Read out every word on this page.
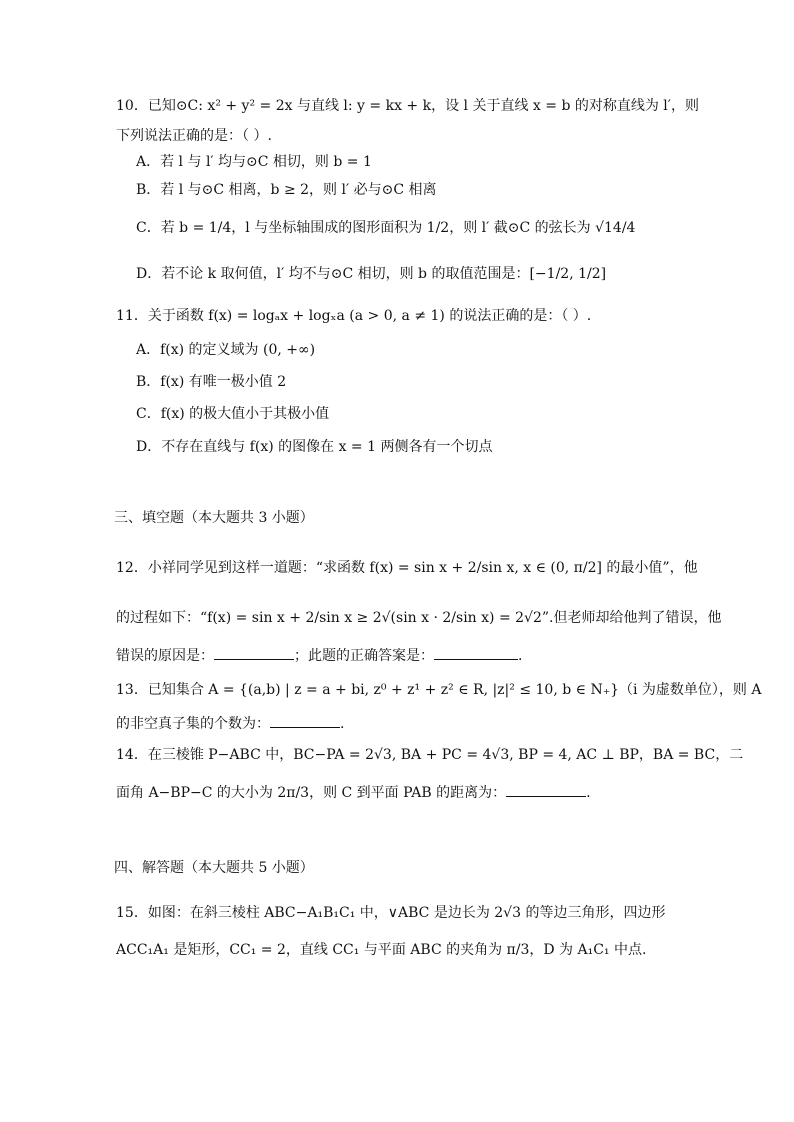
10．已知⊙C: x² + y² = 2x 与直线 l: y = kx + k，设 l 关于直线 x = b 的对称直线为 l′，则
下列说法正确的是：（ ）.
A．若 l 与 l′ 均与⊙C 相切，则 b = 1
B．若 l 与⊙C 相离，b ≥ 2，则 l′ 必与⊙C 相离
C．若 b = 1/4，l 与坐标轴围成的图形面积为 1/2，则 l′ 截⊙C 的弦长为 √14/4
D．若不论 k 取何值，l′ 均不与⊙C 相切，则 b 的取值范围是：[−1/2, 1/2]
11．关于函数 f(x) = logₐx + logₓa (a > 0, a ≠ 1) 的说法正确的是：（ ）.
A．f(x) 的定义域为 (0, +∞)
B．f(x) 有唯一极小值 2
C．f(x) 的极大值小于其极小值
D．不存在直线与 f(x) 的图像在 x = 1 两侧各有一个切点
三、填空题（本大题共 3 小题）
12．小祥同学见到这样一道题：“求函数 f(x) = sin x + 2/sin x, x ∈ (0, π/2] 的最小值”，他
的过程如下：“f(x) = sin x + 2/sin x ≥ 2√(sin x · 2/sin x) = 2√2”.但老师却给他判了错误，他
错误的原因是：	；此题的正确答案是：	.
13．已知集合 A = {(a,b) | z = a + bi, z⁰ + z¹ + z² ∈ R, |z|² ≤ 10, b ∈ N₊}（i 为虚数单位），则 A
的非空真子集的个数为：	.
14．在三棱锥 P−ABC 中，BC−PA = 2√3, BA + PC = 4√3, BP = 4, AC ⊥ BP，BA = BC，二
面角 A−BP−C 的大小为 2π/3，则 C 到平面 PAB 的距离为：	.
四、解答题（本大题共 5 小题）
15．如图：在斜三棱柱 ABC−A₁B₁C₁ 中，∨ABC 是边长为 2√3 的等边三角形，四边形
ACC₁A₁ 是矩形，CC₁ = 2，直线 CC₁ 与平面 ABC 的夹角为 π/3，D 为 A₁C₁ 中点.
